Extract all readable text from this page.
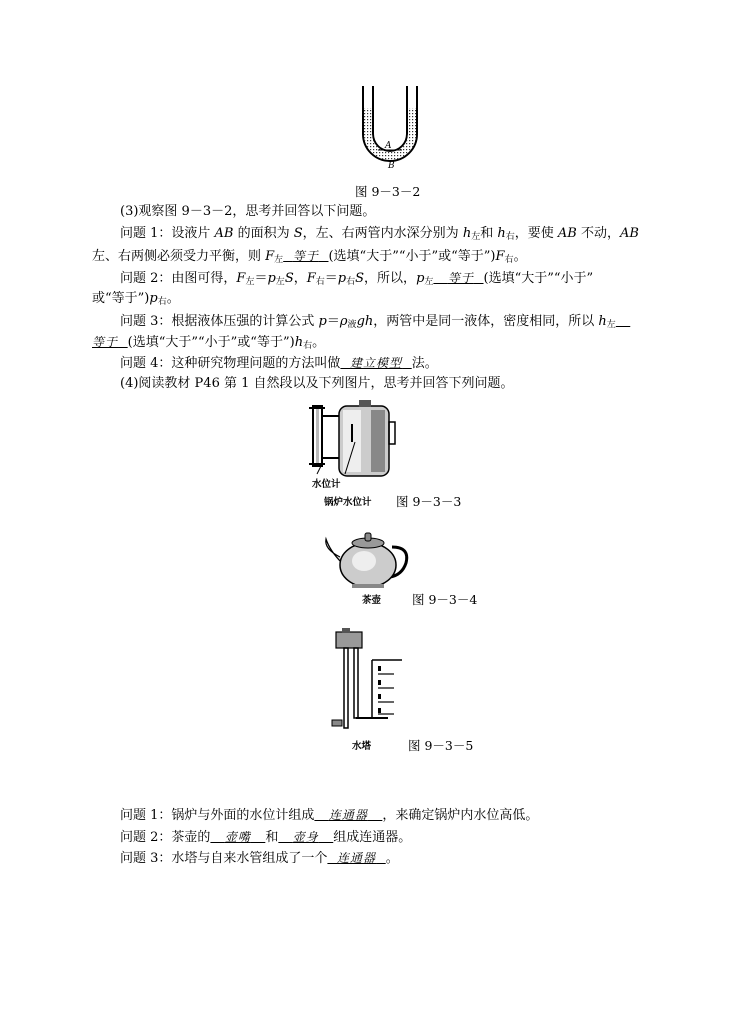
A
B
图 9－3－2
(3)观察图 9－3－2，思考并回答以下问题。
问题 1：设液片 AB 的面积为 S，左、右两管内水深分别为 $h_左$和 $h_右$，要使 AB 不动，AB
左、右两侧必须受力平衡，则 $F_左$ 等于 (选填“大于”“小于”或“等于$”)F_右$。
问题 2：由图可得，$F_左=p_左S$，$F_右=p_右S$，所以，$p_左$ 等于 (选填“大于”“小于”
或“等于$”)p_右$。
问题 3：根据液体压强的计算公式 $p=\rho_液gh$，两管中是同一液体，密度相同，所以 $h_左$
等于 (选填“大于”“小于”或“等于$”)h_右$。
问题 4：这种研究物理问题的方法叫做 建立模型 法。
(4)阅读教材 P46 第 1 自然段以及下列图片，思考并回答下列问题。
水位计
锅炉水位计 图 9－3－3
茶壶 图 9－3－4
水塔	图 9－3－5
问题 1：锅炉与外面的水位计组成 连通器 ，来确定锅炉内水位高低。
问题 2：茶壶的 壶嘴 和 壶身 组成连通器。
问题 3：水塔与自来水管组成了一个 连通器 。
